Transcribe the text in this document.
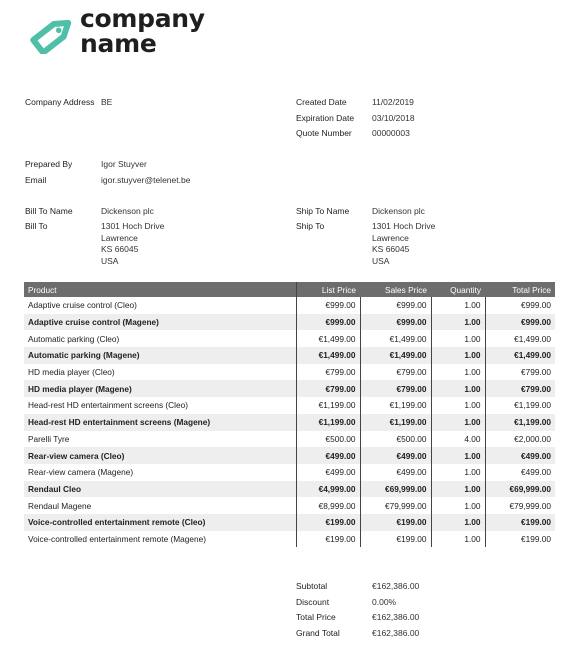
company
name
Company Address BE	Created Date	11/02/2019
Expiration Date 03/10/2018
Quote Number 00000003
Prepared By	Igor Stuyver
Email	igor.stuyver@telenet.be
Bill To Name	Dickenson plc	Ship To Name	Dickenson plc
Bill To	1301 Hoch Drive
Lawrence
KS 66045
USA
Ship To	1301 Hoch Drive
Lawrence
KS 66045
USA
Product	List Price	Sales Price	Quantity	Total Price
Adaptive cruise control (Cleo)	€999.00	€999.00	1.00	€999.00
Adaptive cruise control (Magene)	€999.00	€999.00	1.00	€999.00
Automatic parking (Cleo)	€1,499.00	€1,499.00	1.00	€1,499.00
Automatic parking (Magene)	€1,499.00	€1,499.00	1.00	€1,499.00
HD media player (Cleo)	€799.00	€799.00	1.00	€799.00
HD media player (Magene)	€799.00	€799.00	1.00	€799.00
Head-rest HD entertainment screens (Cleo)	€1,199.00	€1,199.00	1.00	€1,199.00
Head-rest HD entertainment screens (Magene)	€1,199.00	€1,199.00	1.00	€1,199.00
Parelli Tyre	€500.00	€500.00	4.00	€2,000.00
Rear-view camera (Cleo)	€499.00	€499.00	1.00	€499.00
Rear-view camera (Magene)	€499.00	€499.00	1.00	€499.00
Rendaul Cleo	€4,999.00	€69,999.00	1.00	€69,999.00
Rendaul Magene	€8,999.00	€79,999.00	1.00	€79,999.00
Voice-controlled entertainment remote (Cleo)	€199.00	€199.00	1.00	€199.00
Voice-controlled entertainment remote (Magene)	€199.00	€199.00	1.00	€199.00
Subtotal	€162,386.00
Discount	0.00%
Total Price	€162,386.00
Grand Total	€162,386.00
